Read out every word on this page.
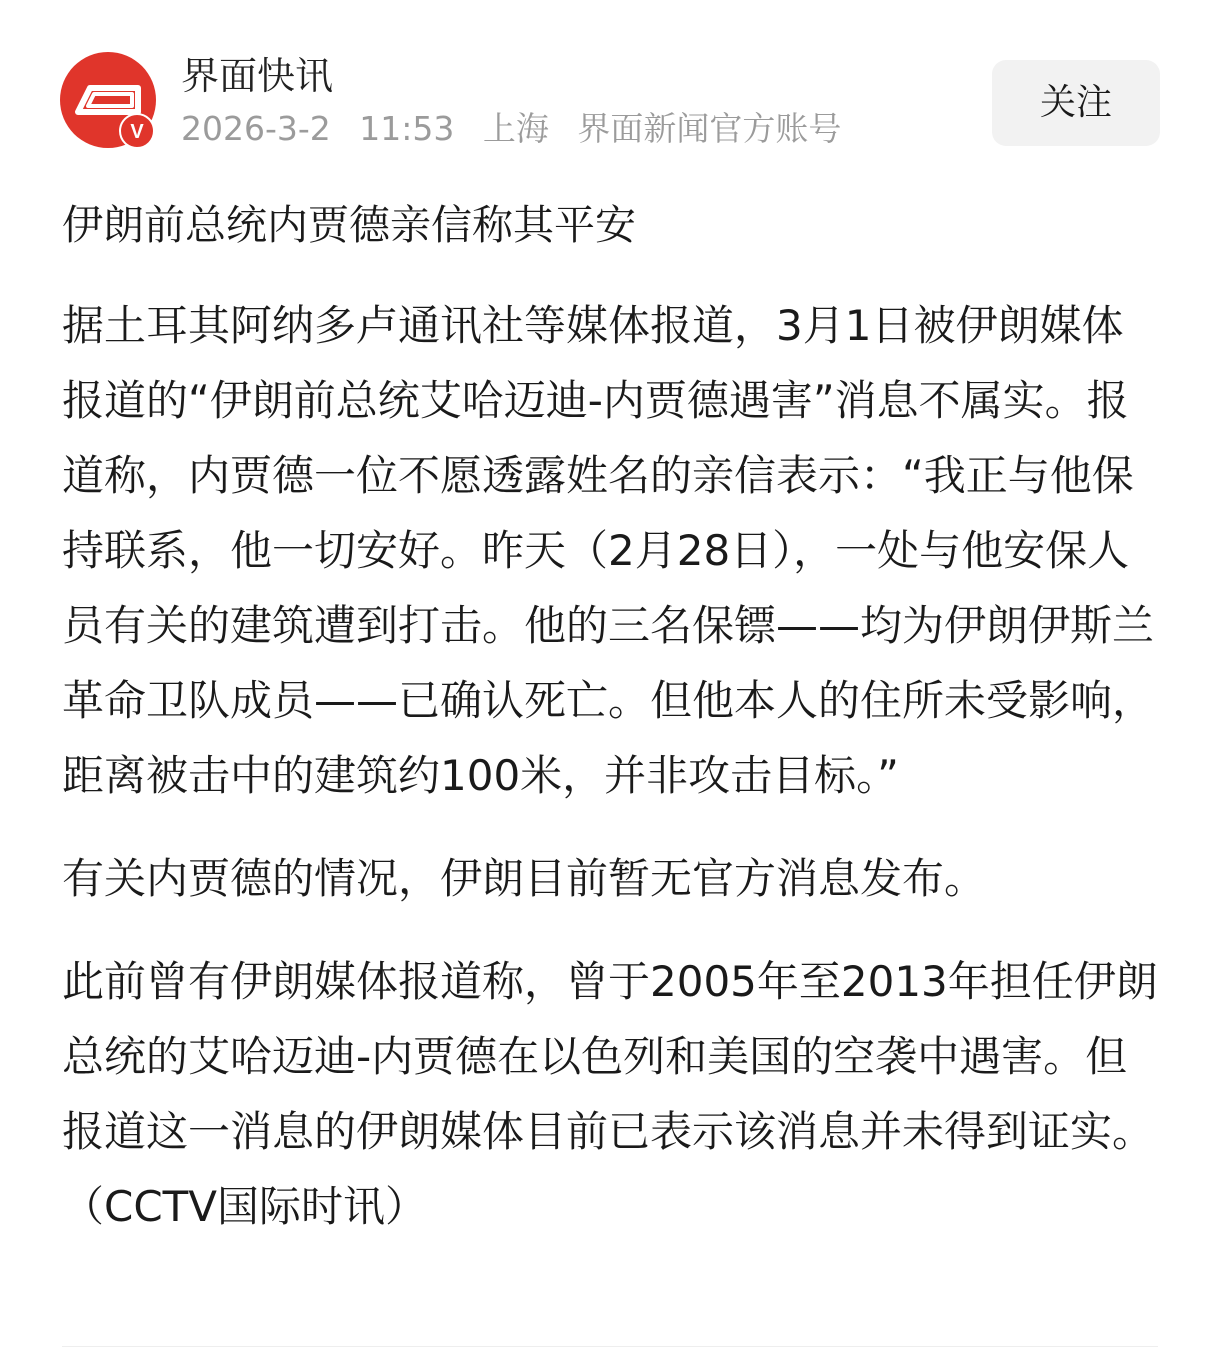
V
界面快讯
2026-3-2 11:53 上海 界面新闻官方账号
关注
伊朗前总统内贾德亲信称其平安

据土耳其阿纳多卢通讯社等媒体报道，3月1日被伊朗媒体报道的“伊朗前总统艾哈迈迪-内贾德遇害”消息不属实。报道称，内贾德一位不愿透露姓名的亲信表示：“我正与他保持联系，他一切安好。昨天（2月28日），一处与他安保人员有关的建筑遭到打击。他的三名保镖——均为伊朗伊斯兰革命卫队成员——已确认死亡。但他本人的住所未受影响，距离被击中的建筑约100米，并非攻击目标。”

有关内贾德的情况，伊朗目前暂无官方消息发布。

此前曾有伊朗媒体报道称，曾于2005年至2013年担任伊朗总统的艾哈迈迪-内贾德在以色列和美国的空袭中遇害。但报道这一消息的伊朗媒体目前已表示该消息并未得到证实。（CCTV国际时讯）
